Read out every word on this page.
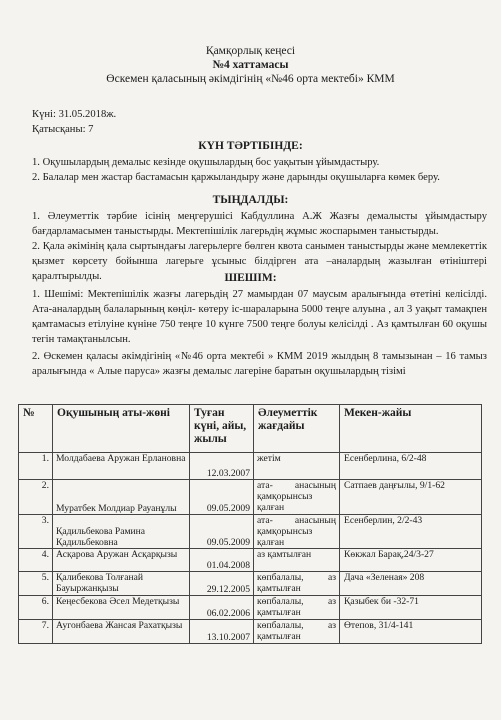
Қамқорлық кеңесі
№4 хаттамасы
Өскемен қаласының әкімдігінің «№46 орта мектебі» КММ
Күні: 31.05.2018ж.
Қатысқаны: 7
КҮН ТӘРТІБІНДЕ:
1. Оқушылардың демалыс кезінде оқушылардың бос уақытын ұйымдастыру.
2. Балалар мен жастар бастамасын қаржыландыру және дарынды оқушыларға көмек беру.
ТЫҢДАЛДЫ:
1. Әлеуметтік тәрбие ісінің меңгерушісі Кабдуллина А.Ж Жазғы демалысты ұйымдастыру бағдарламасымен таныстырды. Мектепішілік лагерьдің жұмыс жоспарымен таныстырды.
2. Қала әкімінің қала сыртындағы лагерьлерге бөлген квота санымен таныстырды және мемлекеттік қызмет көрсету бойынша лагерьге ұсыныс білдірген ата –аналардың жазылған өтініштері қаралтырылды.	ШЕШІМ:
1. Шешімі: Мектепішілік жазғы лагерьдің 27 мамырдан 07 маусым аралығында өтетіні келісілді. Ата-аналардың балаларының көңіл- көтеру іс-шараларына 5000 теңге алуына , ал 3 уақыт тамақпен қамтамасыз етілуіне күніне 750 теңге 10 күнге 7500 теңге болуы келісілді . Аз қамтылған 60 оқушы тегін тамақтанылсын.
2. Өскемен қаласы әкімдігінің «№46 орта мектебі » КММ 2019 жылдың 8 тамызынан – 16 тамыз аралығында « Алые паруса» жазғы демалыс лагеріне баратын оқушылардың тізімі
№	Оқушының аты-жөні	Туған күні, айы, жылы	Әлеуметтік жағдайы	Мекен-жайы
1.	Молдабаева Аружан Ерлановна	12.03.2007	жетім	Есенберлина, 6/2-48
2.	Муратбек Молдиар Рауанұлы	09.05.2009	ата- анасының қамқорынсыз қалған	Сатпаев даңғылы, 9/1-62
3.	Қадильбекова Рамина Қадильбековна	09.05.2009	ата- анасының қамқорынсыз қалған	Есенберлин, 2/2-43
4.	Асқарова Аружан Асқарқызы	01.04.2008	аз қамтылған	Көкжал Барақ,24/3-27
5.	Қалибекова Толғанай Бауыржанқызы	29.12.2005	көпбалалы, аз қамтылған	Дача «Зеленая» 208
6.	Кеңесбекова Әсел Медетқызы	06.02.2006	көпбалалы, аз қамтылған	Қазыбек би -32-71
7.	Аугонбаева Жансая Рахатқызы	13.10.2007	көпбалалы, аз қамтылған	Өтепов, 31/4-141
